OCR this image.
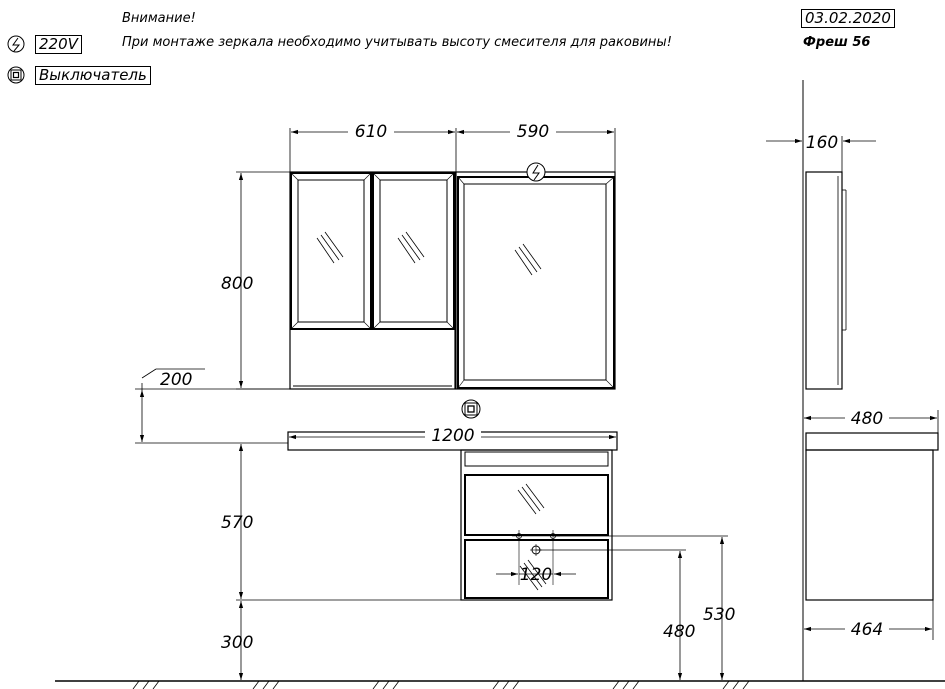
Внимание!
При монтаже зеркала необходимо учитывать высоту смесителя для раковины!	Фреш 56
03.02.2020
220V
Выключатель
610	590
800
200
1200
570
300
480
530
120
160
480
464
